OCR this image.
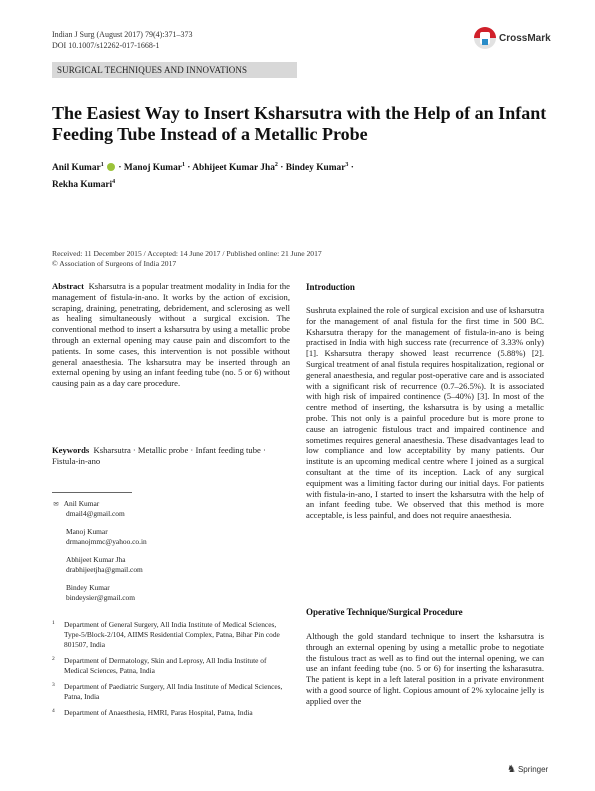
Indian J Surg (August 2017) 79(4):371–373
DOI 10.1007/s12262-017-1668-1
CrossMark
SURGICAL TECHNIQUES AND INNOVATIONS
The Easiest Way to Insert Ksharsutra with the Help of an Infant Feeding Tube Instead of a Metallic Probe
Anil Kumar$^1$  · Manoj Kumar$^1$ · Abhijeet Kumar Jha$^2$ · Bindey Kumar$^3$ ·
Rekha Kumari$^4$
Received: 11 December 2015 / Accepted: 14 June 2017 / Published online: 21 June 2017
© Association of Surgeons of India 2017
Abstract Ksharsutra is a popular treatment modality in India for the management of fistula-in-ano. It works by the action of excision, scraping, draining, penetrating, debridement, and sclerosing as well as healing simultaneously without a surgical excision. The conventional method to insert a ksharsutra by using a metallic probe through an external opening may cause pain and discomfort to the patients. In some cases, this intervention is not possible without general anaesthesia. The ksharsutra may be inserted through an external opening by using an infant feeding tube (no. 5 or 6) without causing pain as a day care procedure.
Keywords Ksharsutra · Metallic probe · Infant feeding tube · Fistula-in-ano
✉ Anil Kumar
dmail4@gmail.com
Manoj Kumar
drmanojmmc@yahoo.co.in
Abhijeet Kumar Jha
drabhijeetjha@gmail.com
Bindey Kumar
bindeysier@gmail.com
1	Department of General Surgery, All India Institute of Medical Sciences, Type-5/Block-2/104, AIIMS Residential Complex, Patna, Bihar Pin code 801507, India
2	Department of Dermatology, Skin and Leprosy, All India Institute of Medical Sciences, Patna, India
3	Department of Paediatric Surgery, All India Institute of Medical Sciences, Patna, India
4	Department of Anaesthesia, HMRI, Paras Hospital, Patna, India
Introduction
Sushruta explained the role of surgical excision and use of ksharsutra for the management of anal fistula for the first time in 500 BC. Ksharsutra therapy for the management of fistula-in-ano is being practised in India with high success rate (recurrence of 3.33% only) [1]. Ksharsutra therapy showed least recurrence (5.88%) [2]. Surgical treatment of anal fistula requires hospitalization, regional or general anaesthesia, and regular post-operative care and is associated with a significant risk of recurrence (0.7–26.5%). It is associated with high risk of impaired continence (5–40%) [3]. In most of the centre method of inserting, the ksharsutra is by using a metallic probe. This not only is a painful procedure but is more prone to cause an iatrogenic fistulous tract and impaired continence and sometimes requires general anaesthesia. These disadvantages lead to low compliance and low acceptability by many patients. Our institute is an upcoming medical centre where I joined as a surgical consultant at the time of its inception. Lack of any surgical equipment was a limiting factor during our initial days. For patients with fistula-in-ano, I started to insert the ksharsutra with the help of an infant feeding tube. We observed that this method is more acceptable, is less painful, and does not require anaesthesia.
Operative Technique/Surgical Procedure
Although the gold standard technique to insert the ksharsutra is through an external opening by using a metallic probe to negotiate the fistulous tract as well as to find out the internal opening, we can use an infant feeding tube (no. 5 or 6) for inserting the ksharasutra. The patient is kept in a left lateral position in a private environment with a good source of light. Copious amount of 2% xylocaine jelly is applied over the
♞ Springer
